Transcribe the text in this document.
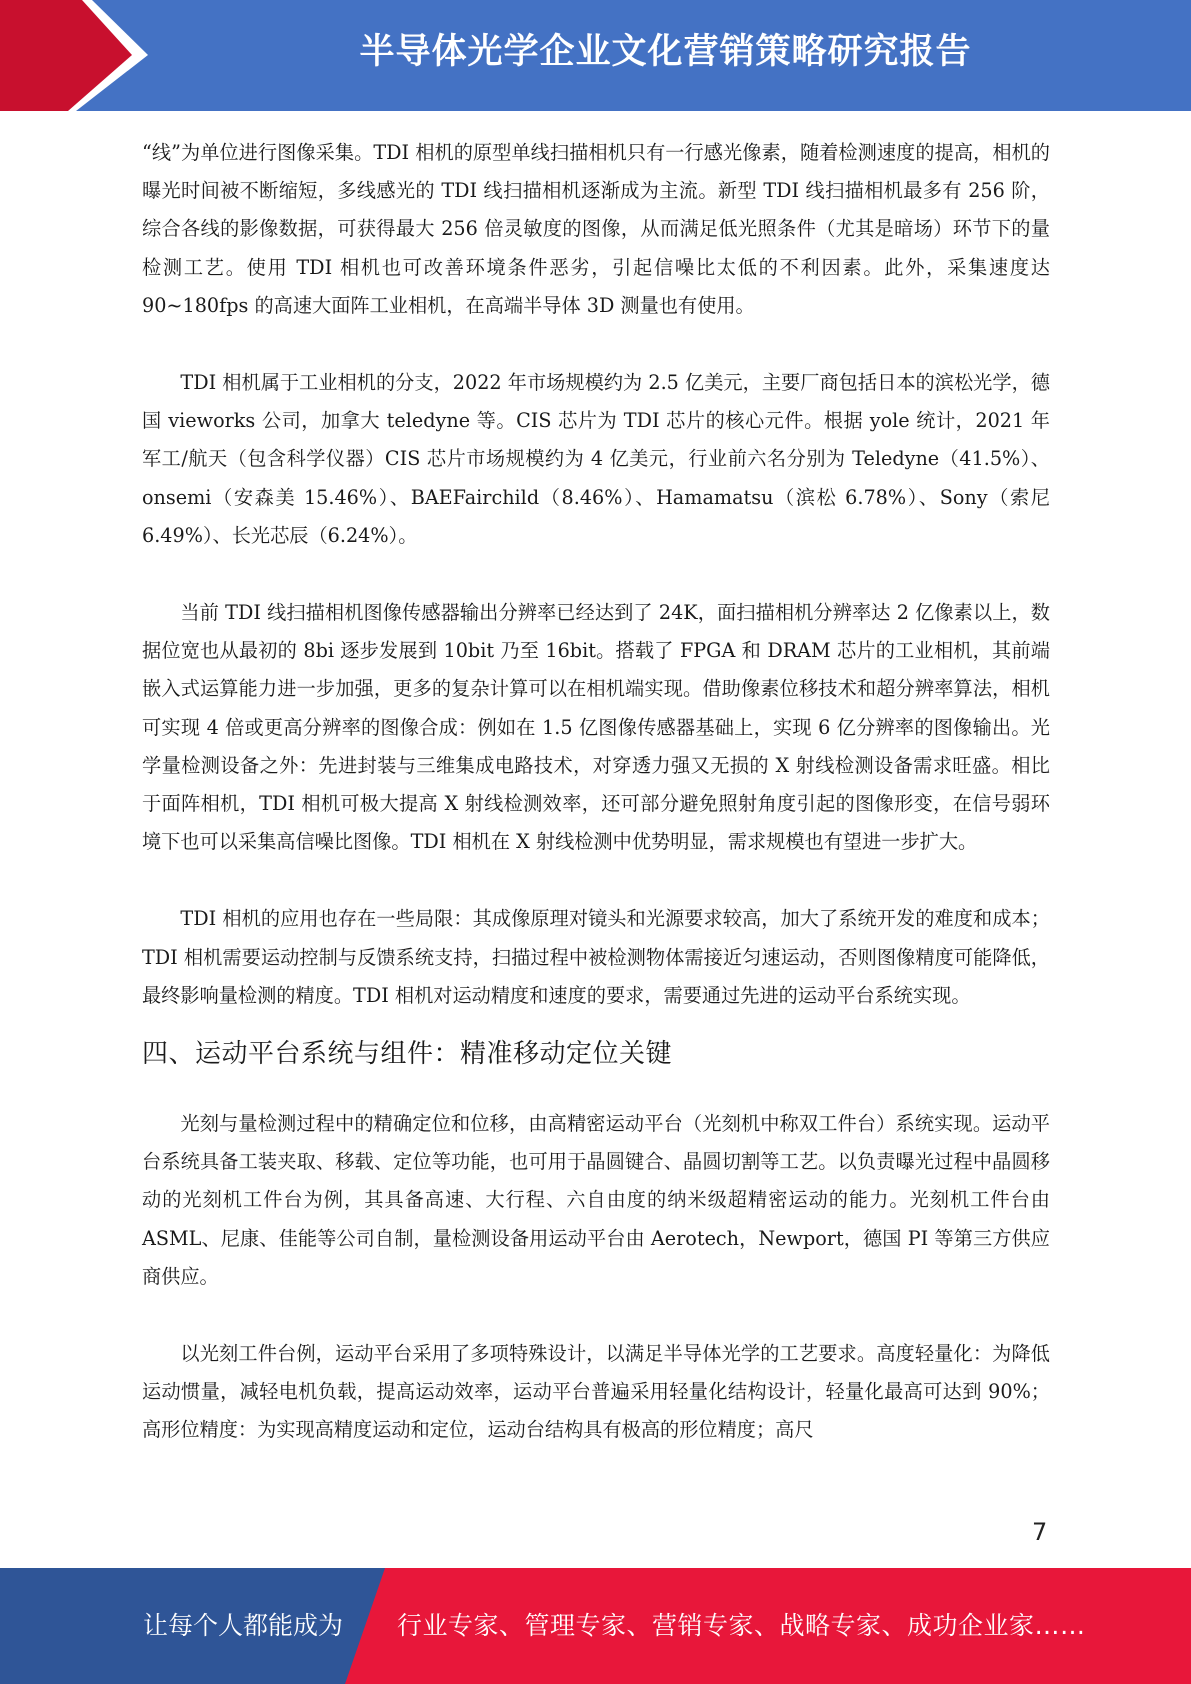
半导体光学企业文化营销策略研究报告

“线”为单位进行图像采集。TDI 相机的原型单线扫描相机只有一行感光像素，随着检测速度的提高，相机的曝光时间被不断缩短，多线感光的 TDI 线扫描相机逐渐成为主流。新型 TDI 线扫描相机最多有 256 阶，综合各线的影像数据，可获得最大 256 倍灵敏度的图像，从而满足低光照条件（尤其是暗场）环节下的量检测工艺。使用 TDI 相机也可改善环境条件恶劣，引起信噪比太低的不利因素。此外，采集速度达 90~180fps 的高速大面阵工业相机，在高端半导体 3D 测量也有使用。

TDI 相机属于工业相机的分支，2022 年市场规模约为 2.5 亿美元，主要厂商包括日本的滨松光学，德国 vieworks 公司，加拿大 teledyne 等。CIS 芯片为 TDI 芯片的核心元件。根据 yole 统计，2021 年军工/航天（包含科学仪器）CIS 芯片市场规模约为 4 亿美元，行业前六名分别为 Teledyne（41.5%）、onsemi（安森美 15.46%）、BAEFairchild（8.46%）、Hamamatsu（滨松 6.78%）、Sony（索尼 6.49%）、长光芯辰（6.24%）。

当前 TDI 线扫描相机图像传感器输出分辨率已经达到了 24K，面扫描相机分辨率达 2 亿像素以上，数据位宽也从最初的 8bi 逐步发展到 10bit 乃至 16bit。搭载了 FPGA 和 DRAM 芯片的工业相机，其前端嵌入式运算能力进一步加强，更多的复杂计算可以在相机端实现。借助像素位移技术和超分辨率算法，相机可实现 4 倍或更高分辨率的图像合成：例如在 1.5 亿图像传感器基础上，实现 6 亿分辨率的图像输出。光学量检测设备之外：先进封装与三维集成电路技术，对穿透力强又无损的 X 射线检测设备需求旺盛。相比于面阵相机，TDI 相机可极大提高 X 射线检测效率，还可部分避免照射角度引起的图像形变，在信号弱环境下也可以采集高信噪比图像。TDI 相机在 X 射线检测中优势明显，需求规模也有望进一步扩大。

TDI 相机的应用也存在一些局限：其成像原理对镜头和光源要求较高，加大了系统开发的难度和成本；TDI 相机需要运动控制与反馈系统支持，扫描过程中被检测物体需接近匀速运动，否则图像精度可能降低，最终影响量检测的精度。TDI 相机对运动精度和速度的要求，需要通过先进的运动平台系统实现。

四、运动平台系统与组件：精准移动定位关键

光刻与量检测过程中的精确定位和位移，由高精密运动平台（光刻机中称双工件台）系统实现。运动平台系统具备工装夹取、移载、定位等功能，也可用于晶圆键合、晶圆切割等工艺。以负责曝光过程中晶圆移动的光刻机工件台为例，其具备高速、大行程、六自由度的纳米级超精密运动的能力。光刻机工件台由 ASML、尼康、佳能等公司自制，量检测设备用运动平台由 Aerotech，Newport，德国 PI 等第三方供应商供应。

以光刻工件台例，运动平台采用了多项特殊设计，以满足半导体光学的工艺要求。高度轻量化：为降低运动惯量，减轻电机负载，提高运动效率，运动平台普遍采用轻量化结构设计，轻量化最高可达到 90%；高形位精度：为实现高精度运动和定位，运动台结构具有极高的形位精度；高尺

7
让每个人都能成为 行业专家、管理专家、营销专家、战略专家、成功企业家……
